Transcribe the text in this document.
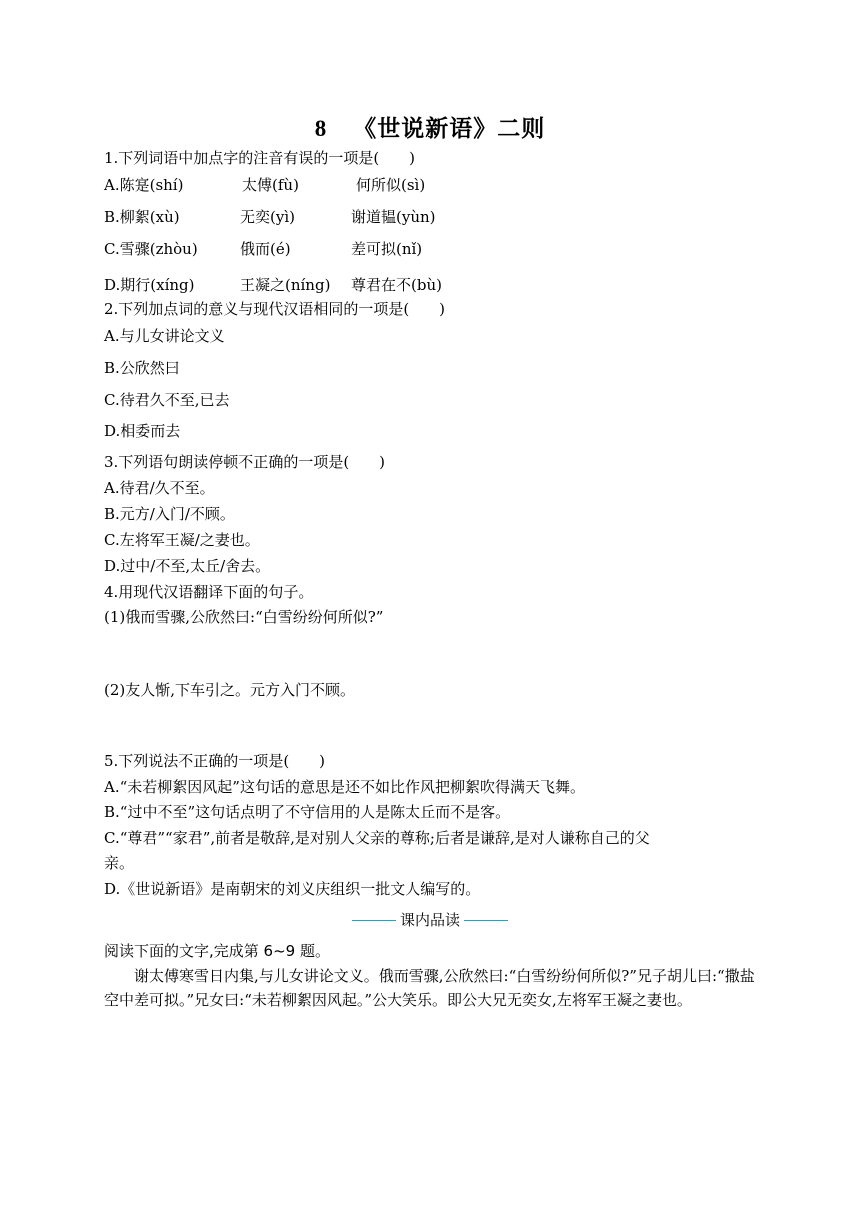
8 《世说新语》二则
1.下列词语中加点字的注音有误的一项是(　　)
A.陈寔(shí)	太傅(fù)	何所似(sì)
B.柳絮(xù)	无奕(yì)	谢道韫(yùn)
C.雪骤(zhòu)	俄而(é)	差可拟(nǐ)
D.期行(xíng)	王凝之(níng) 尊君在不(bù)
2.下列加点词的意义与现代汉语相同的一项是(　　)
A.与儿女讲论文义
B.公欣然曰
C.待君久不至,已去
D.相委而去
3.下列语句朗读停顿不正确的一项是(　　)
A.待君/久不至。
B.元方/入门/不顾。
C.左将军王凝/之妻也。
D.过中/不至,太丘/舍去。
4.用现代汉语翻译下面的句子。
(1)俄而雪骤,公欣然曰:“白雪纷纷何所似?”
(2)友人惭,下车引之。元方入门不顾。
5.下列说法不正确的一项是(　　)
A.“未若柳絮因风起”这句话的意思是还不如比作风把柳絮吹得满天飞舞。
B.“过中不至”这句话点明了不守信用的人是陈太丘而不是客。
C.“尊君”“家君”,前者是敬辞,是对别人父亲的尊称;后者是谦辞,是对人谦称自己的父
亲。
D.《世说新语》是南朝宋的刘义庆组织一批文人编写的。
课内品读
阅读下面的文字,完成第 6~9 题。
谢太傅寒雪日内集,与儿女讲论文义。俄而雪骤,公欣然曰:“白雪纷纷何所似?”兄子胡儿曰:“撒盐空中差可拟。”兄女曰:“未若柳絮因风起。”公大笑乐。即公大兄无奕女,左将军王凝之妻也。
